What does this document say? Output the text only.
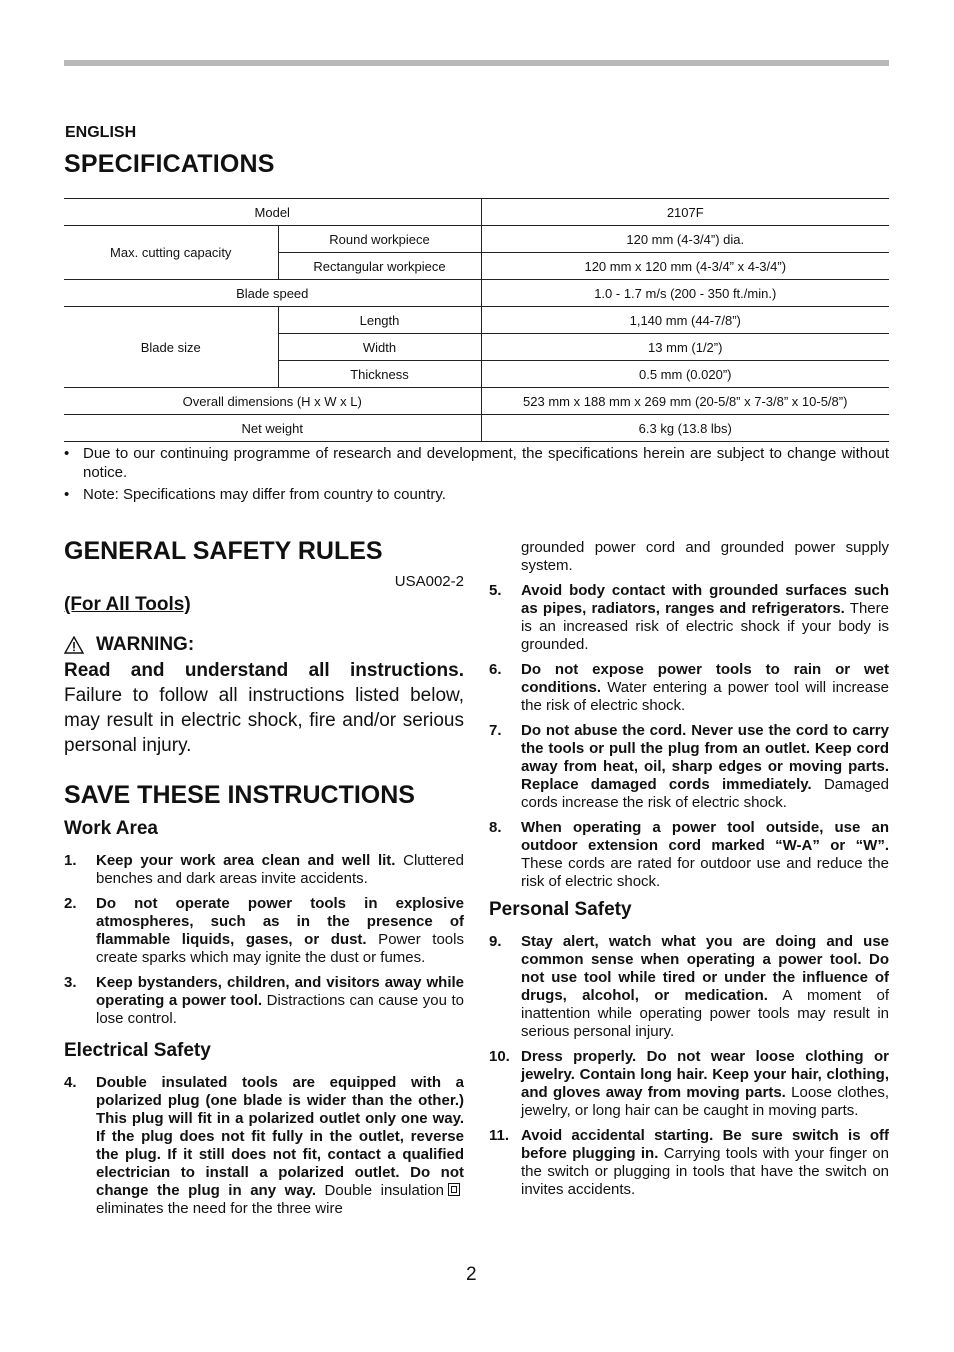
ENGLISH
SPECIFICATIONS
Model		2107F
Max. cutting capacity	Round workpiece	120 mm (4-3/4”) dia.
	Rectangular workpiece	120 mm x 120 mm (4-3/4” x 4-3/4”)
Blade speed		1.0 - 1.7 m/s (200 - 350 ft./min.)
Blade size	Length	1,140 mm (44-7/8”)
	Width	13 mm (1/2”)
	Thickness	0.5 mm (0.020”)
Overall dimensions (H x W x L)		523 mm x 188 mm x 269 mm (20-5/8” x 7-3/8” x 10-5/8”)
Net weight		6.3 kg (13.8 lbs)
• Due to our continuing programme of research and development, the specifications herein are subject to change without notice.
• Note: Specifications may differ from country to country.
GENERAL SAFETY RULES
USA002-2
(For All Tools)
WARNING:
Read and understand all instructions. Failure to follow all instructions listed below, may result in electric shock, fire and/or serious personal injury.
SAVE THESE INSTRUCTIONS
Work Area
1. Keep your work area clean and well lit. Cluttered benches and dark areas invite accidents.
2. Do not operate power tools in explosive atmospheres, such as in the presence of flammable liquids, gases, or dust. Power tools create sparks which may ignite the dust or fumes.
3. Keep bystanders, children, and visitors away while operating a power tool. Distractions can cause you to lose control.
Electrical Safety
4. Double insulated tools are equipped with a polarized plug (one blade is wider than the other.) This plug will fit in a polarized outlet only one way. If the plug does not fit fully in the outlet, reverse the plug. If it still does not fit, contact a qualified electrician to install a polarized outlet. Do not change the plug in any way. Double insulation eliminates the need for the three wire
grounded power cord and grounded power supply system.
5. Avoid body contact with grounded surfaces such as pipes, radiators, ranges and refrigerators. There is an increased risk of electric shock if your body is grounded.
6. Do not expose power tools to rain or wet conditions. Water entering a power tool will increase the risk of electric shock.
7. Do not abuse the cord. Never use the cord to carry the tools or pull the plug from an outlet. Keep cord away from heat, oil, sharp edges or moving parts. Replace damaged cords immediately. Damaged cords increase the risk of electric shock.
8. When operating a power tool outside, use an outdoor extension cord marked “W-A” or “W”. These cords are rated for outdoor use and reduce the risk of electric shock.
Personal Safety
9. Stay alert, watch what you are doing and use common sense when operating a power tool. Do not use tool while tired or under the influence of drugs, alcohol, or medication. A moment of inattention while operating power tools may result in serious personal injury.
10. Dress properly. Do not wear loose clothing or jewelry. Contain long hair. Keep your hair, clothing, and gloves away from moving parts. Loose clothes, jewelry, or long hair can be caught in moving parts.
11. Avoid accidental starting. Be sure switch is off before plugging in. Carrying tools with your finger on the switch or plugging in tools that have the switch on invites accidents.
2
